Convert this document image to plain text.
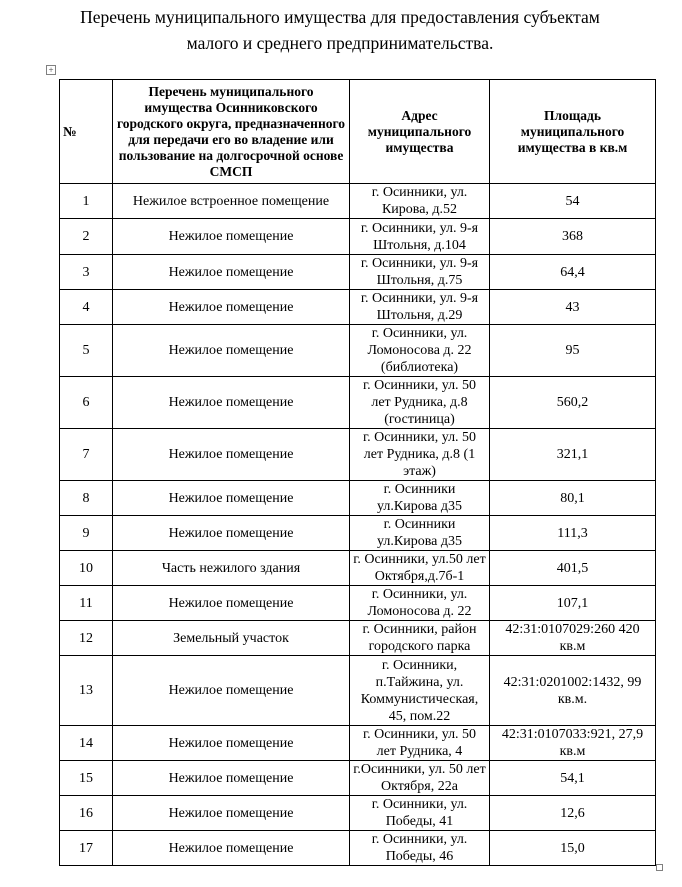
Перечень муниципального имущества для предоставления субъектам
малого и среднего предпринимательства.
+
№	Перечень муниципального имущества Осинниковского городского округа, предназначенного для передачи его во владение или пользование на долгосрочной основе СМСП	Адрес муниципального имущества	Площадь муниципального имущества в кв.м
1	Нежилое встроенное помещение	г. Осинники, ул. Кирова, д.52	54
2	Нежилое помещение	г. Осинники, ул. 9-я Штольня, д.104	368
3	Нежилое помещение	г. Осинники, ул. 9-я Штольня, д.75	64,4
4	Нежилое помещение	г. Осинники, ул. 9-я Штольня, д.29	43
5	Нежилое помещение	г. Осинники, ул. Ломоносова д. 22 (библиотека)	95
6	Нежилое помещение	г. Осинники, ул. 50 лет Рудника, д.8 (гостиница)	560,2
7	Нежилое помещение	г. Осинники, ул. 50 лет Рудника, д.8 (1 этаж)	321,1
8	Нежилое помещение	г. Осинники ул.Кирова д35	80,1
9	Нежилое помещение	г. Осинники ул.Кирова д35	111,3
10	Часть нежилого здания	г. Осинники, ул.50 лет Октября,д.7б-1	401,5
11	Нежилое помещение	г. Осинники, ул. Ломоносова д. 22	107,1
12	Земельный участок	г. Осинники, район городского парка	42:31:0107029:260 420 кв.м
13	Нежилое помещение	г. Осинники, п.Тайжина, ул. Коммунистическая, 45, пом.22	42:31:0201002:1432, 99 кв.м.
14	Нежилое помещение	г. Осинники, ул. 50 лет Рудника, 4	42:31:0107033:921, 27,9 кв.м
15	Нежилое помещение	г.Осинники, ул. 50 лет Октября, 22а	54,1
16	Нежилое помещение	г. Осинники, ул. Победы, 41	12,6
17	Нежилое помещение	г. Осинники, ул. Победы, 46	15,0
